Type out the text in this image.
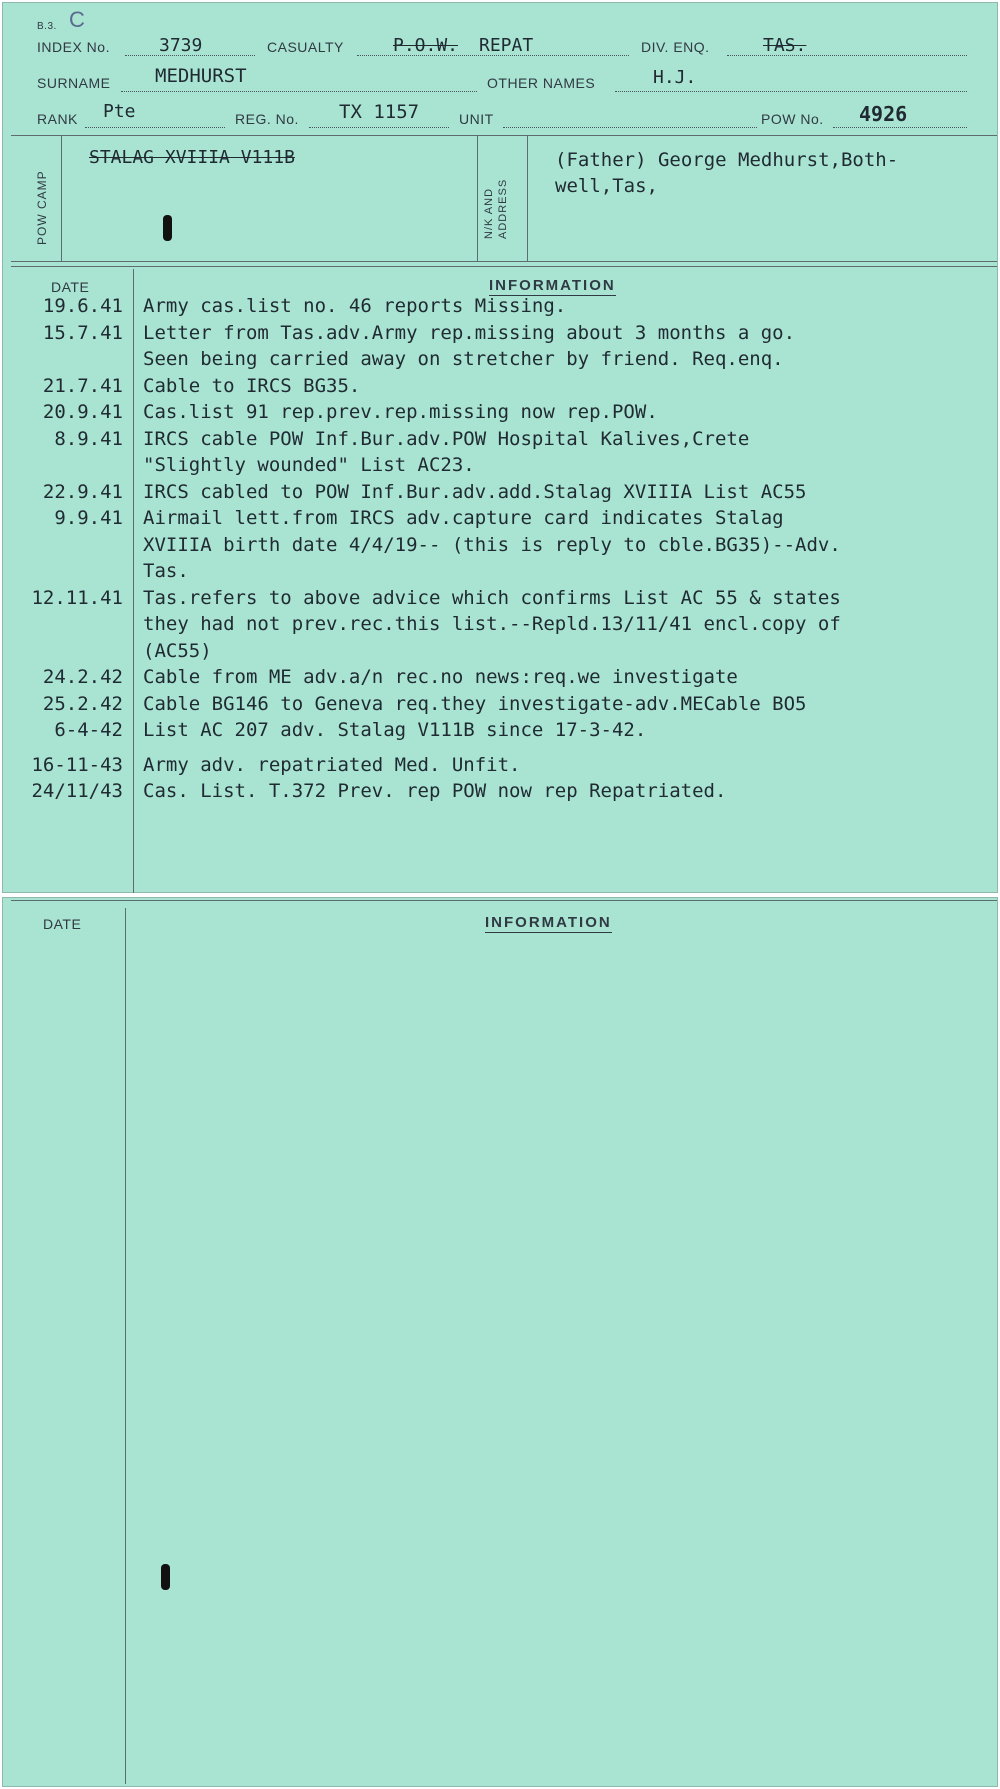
B.3. C
INDEX No.	3739	CASUALTY	P.O.W. REPAT	DIV. ENQ.	TAS.
SURNAME MEDHURST	OTHER NAMES	H.J.
RANK Pte	REG. No. TX 1157	UNIT	POW No. 4926
POW CAMP
STALAG XVIIIA V111B
N/K AND ADDRESS
(Father) George Medhurst,Both-
well,Tas,
DATE	INFORMATION
19.6.41 Army cas.list no. 46 reports Missing.
15.7.41 Letter from Tas.adv.Army rep.missing about 3 months a go.
Seen being carried away on stretcher by friend. Req.enq.
21.7.41 Cable to IRCS BG35.
20.9.41 Cas.list 91 rep.prev.rep.missing now rep.POW.
8.9.41 IRCS cable POW Inf.Bur.adv.POW Hospital Kalives,Crete
"Slightly wounded" List AC23.
22.9.41 IRCS cabled to POW Inf.Bur.adv.add.Stalag XVIIIA List AC55
9.9.41 Airmail lett.from IRCS adv.capture card indicates Stalag
XVIIIA birth date 4/4/19-- (this is reply to cble.BG35)--Adv.
Tas.
12.11.41 Tas.refers to above advice which confirms List AC 55 & states
they had not prev.rec.this list.--Repld.13/11/41 encl.copy of
(AC55)
24.2.42 Cable from ME adv.a/n rec.no news:req.we investigate
25.2.42 Cable BG146 to Geneva req.they investigate-adv.MECable BO5
6-4-42 List AC 207 adv. Stalag V111B since 17-3-42.
16-11-43 Army adv. repatriated Med. Unfit.
24/11/43 Cas. List. T.372 Prev. rep POW now rep Repatriated.
DATE	INFORMATION
